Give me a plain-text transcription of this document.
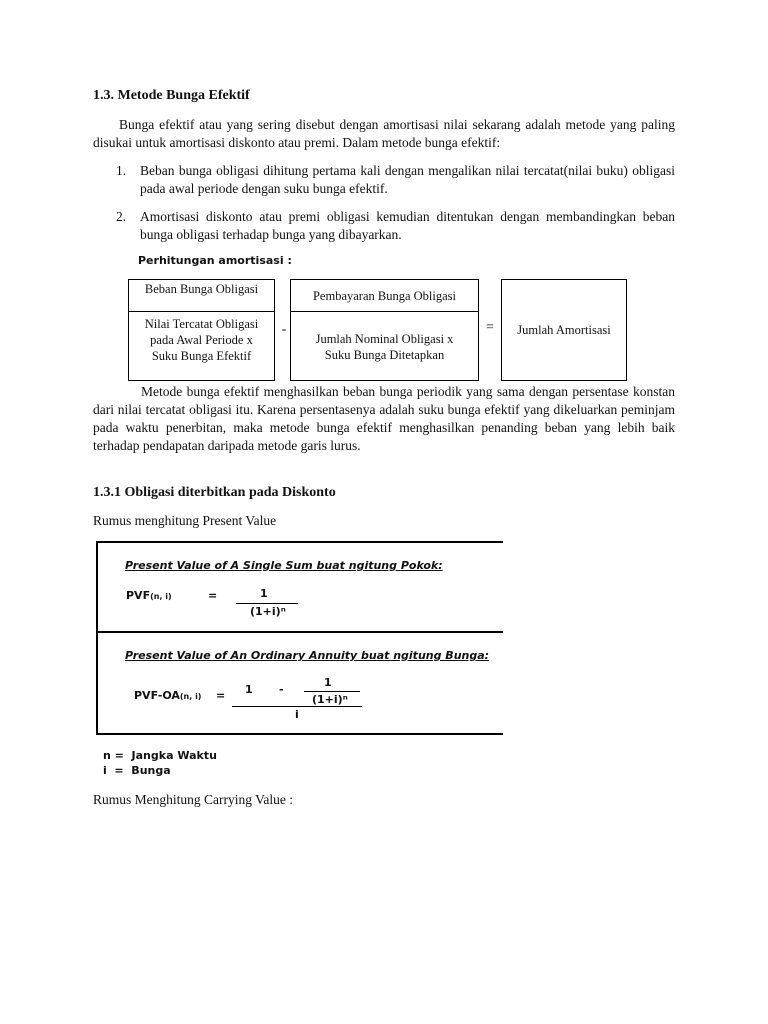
1.3. Metode Bunga Efektif
Bunga efektif atau yang sering disebut dengan amortisasi nilai sekarang adalah metode yang paling disukai untuk amortisasi diskonto atau premi. Dalam metode bunga efektif:
1. Beban bunga obligasi dihitung pertama kali dengan mengalikan nilai tercatat(nilai buku) obligasi pada awal periode dengan suku bunga efektif.
2. Amortisasi diskonto atau premi obligasi kemudian ditentukan dengan membandingkan beban bunga obligasi terhadap bunga yang dibayarkan.
Perhitungan amortisasi :
Beban Bunga Obligasi
Nilai Tercatat Obligasi pada Awal Periode x Suku Bunga Efektif
-
Pembayaran Bunga Obligasi
Jumlah Nominal Obligasi x Suku Bunga Ditetapkan
=	Jumlah Amortisasi
Metode bunga efektif menghasilkan beban bunga periodik yang sama dengan persentase konstan dari nilai tercatat obligasi itu. Karena persentasenya adalah suku bunga efektif yang dikeluarkan peminjam pada waktu penerbitan, maka metode bunga efektif menghasilkan penanding beban yang lebih baik terhadap pendapatan daripada metode garis lurus.
1.3.1 Obligasi diterbitkan pada Diskonto
Rumus menghitung Present Value
Present Value of A Single Sum buat ngitung Pokok:
PVF(n, i)	=	1
(1+i)ⁿ
Present Value of An Ordinary Annuity buat ngitung Bunga:
PVF-OA(n, i) = 1 -
1
(1+i)ⁿ
i
n =  Jangka Waktu
i  =  Bunga
Rumus Menghitung Carrying Value :
